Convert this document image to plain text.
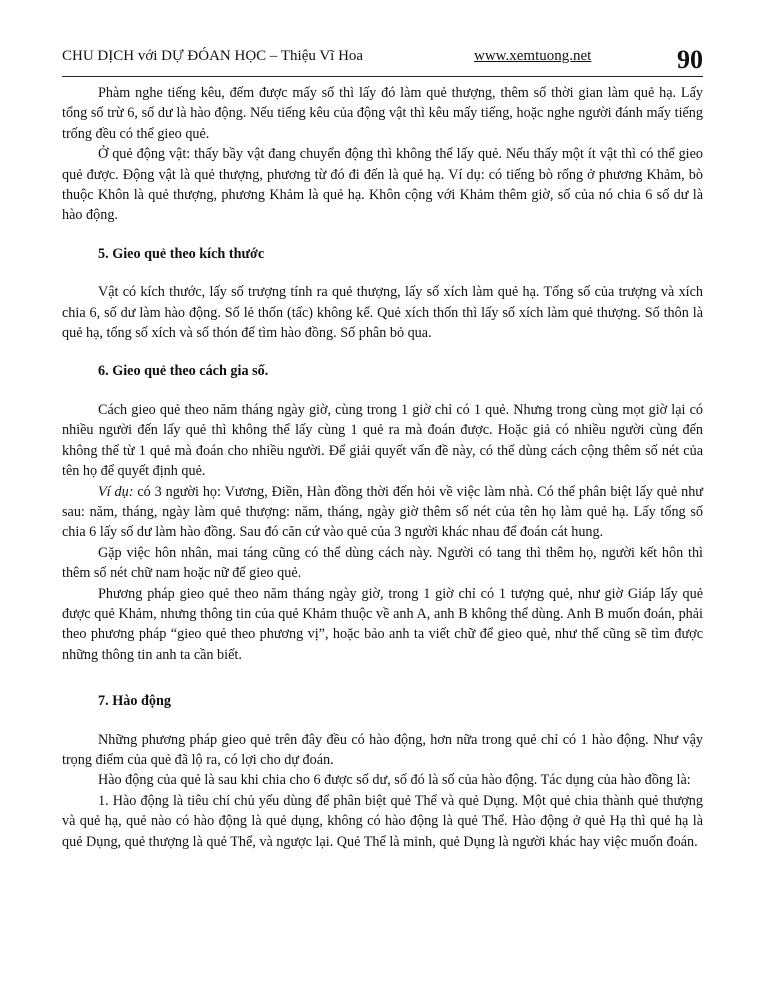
CHU DỊCH với DỰ ĐÓAN HỌC – Thiệu Vĩ Hoa	www.xemtuong.net	90

Phàm nghe tiếng kêu, đếm được mấy số thì lấy đó làm quẻ thượng, thêm số thời gian làm quẻ hạ. Lấy tổng số trừ 6, số dư là hào động. Nếu tiếng kêu của động vật thì kêu mấy tiếng, hoặc nghe người đánh mấy tiếng trống đều có thể gieo quẻ.

Ở quẻ động vật: thấy bầy vật đang chuyển động thì không thể lấy quẻ. Nếu thấy một ít vật thì có thể gieo quẻ được. Động vật là quẻ thượng, phương từ đó đi đến là quẻ hạ. Ví dụ: có tiếng bò rống ở phương Khảm, bò thuộc Khôn là quẻ thượng, phương Khảm là quẻ hạ. Khôn cộng với Khảm thêm giờ, số của nó chia 6 số dư là hào động.

5. Gieo quẻ theo kích thước

Vật có kích thước, lấy số trượng tính ra quẻ thượng, lấy số xích làm quẻ hạ. Tổng số của trượng và xích chia 6, số dư làm hào động. Số lẻ thốn (tấc) không kể. Quẻ xích thốn thì lấy số xích làm quẻ thượng. Số thôn là quẻ hạ, tổng số xích và số thón để tìm hào đồng. Số phân bỏ qua.

6. Gieo quẻ theo cách gia số.

Cách gieo quẻ theo năm tháng ngày giờ, cùng trong 1 giờ chỉ có 1 quẻ. Nhưng trong cùng mọt giờ lại có nhiều người đến lấy quẻ thì không thể lấy cùng 1 quẻ ra mà đoán được. Hoặc giả có nhiều người cùng đến không thể từ 1 quẻ mà đoán cho nhiều người. Để giải quyết vấn đề này, có thể dùng cách cộng thêm số nét của tên họ để quyết định quẻ.

Ví dụ: có 3 người họ: Vương, Điền, Hàn đồng thời đến hỏi về việc làm nhà. Có thể phân biệt lấy quẻ như sau: năm, tháng, ngày làm quẻ thượng: năm, tháng, ngày giờ thêm số nét của tên họ làm quẻ hạ. Lấy tổng số chia 6 lấy số dư làm hào đồng. Sau đó căn cứ vào quẻ của 3 người khác nhau để đoán cát hung.

Gặp việc hôn nhân, mai táng cũng có thể dùng cách này. Người có tang thì thêm họ, người kết hôn thì thêm số nét chữ nam hoặc nữ để gieo quẻ.

Phương pháp gieo quẻ theo năm tháng ngày giờ, trong 1 giờ chỉ có 1 tượng quẻ, như giờ Giáp lấy quẻ được quẻ Khảm, nhưng thông tin của quẻ Khảm thuộc về anh A, anh B không thể dùng. Anh B muốn đoán, phải theo phương pháp “gieo quẻ theo phương vị”, hoặc bảo anh ta viết chữ để gieo quẻ, như thế cũng sẽ tìm được những thông tin anh ta cần biết.

7. Hào động

Những phương pháp gieo quẻ trên đây đều có hào động, hơn nữa trong quẻ chỉ có 1 hào động. Như vậy trọng điểm của quẻ đã lộ ra, có lợi cho dự đoán.

Hào động của quẻ là sau khi chia cho 6 được số dư, số đó là số của hào động. Tác dụng của hào đồng là:

1. Hào động là tiêu chí chủ yếu dùng để phân biệt quẻ Thể và quẻ Dụng. Một quẻ chia thành quẻ thượng và quẻ hạ, quẻ nào có hào động là quẻ dụng, không có hào động là quẻ Thể. Hào động ở quẻ Hạ thì quẻ hạ là quẻ Dụng, quẻ thượng là quẻ Thể, và ngược lại. Quẻ Thể là minh, quẻ Dụng là người khác hay việc muốn đoán.
